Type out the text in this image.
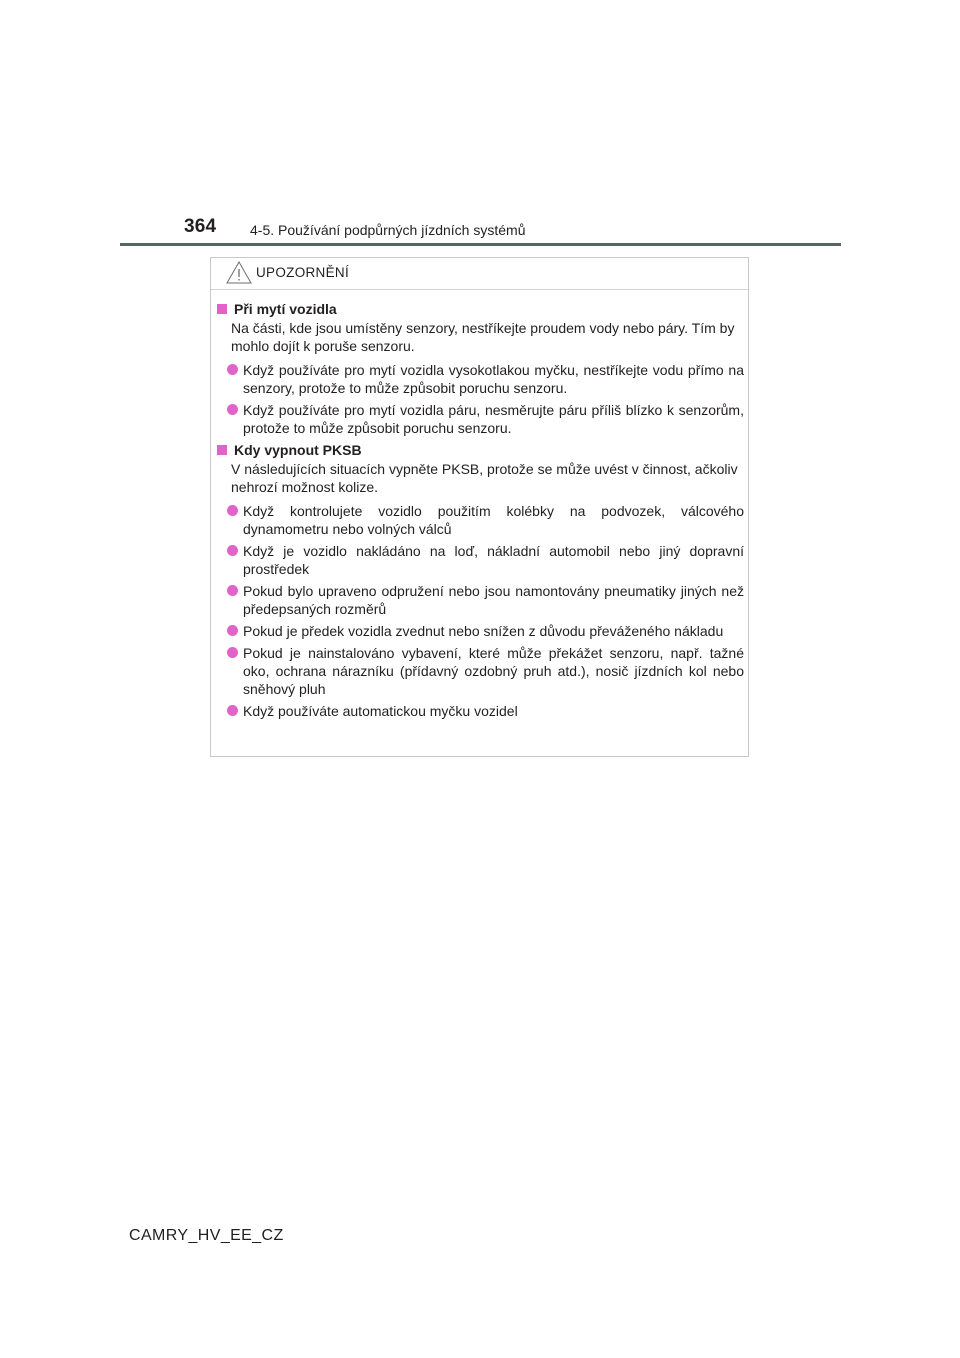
364 4-5. Používání podpůrných jízdních systémů
UPOZORNĚNÍ
Při mytí vozidla
Na části, kde jsou umístěny senzory, nestříkejte proudem vody nebo páry. Tím by mohlo dojít k poruše senzoru.
Když používáte pro mytí vozidla vysokotlakou myčku, nestříkejte vodu přímo na senzory, protože to může způsobit poruchu senzoru.
Když používáte pro mytí vozidla páru, nesměrujte páru příliš blízko k senzorům, protože to může způsobit poruchu senzoru.
Kdy vypnout PKSB
V následujících situacích vypněte PKSB, protože se může uvést v činnost, ačkoliv nehrozí možnost kolize.
Když kontrolujete vozidlo použitím kolébky na podvozek, válcového dynamometru nebo volných válců
Když je vozidlo nakládáno na loď, nákladní automobil nebo jiný dopravní prostředek
Pokud bylo upraveno odpružení nebo jsou namontovány pneumatiky jiných než předepsaných rozměrů
Pokud je předek vozidla zvednut nebo snížen z důvodu převáženého nákladu
Pokud je nainstalováno vybavení, které může překážet senzoru, např. tažné oko, ochrana nárazníku (přídavný ozdobný pruh atd.), nosič jízdních kol nebo sněhový pluh
Když používáte automatickou myčku vozidel
CAMRY_HV_EE_CZ
